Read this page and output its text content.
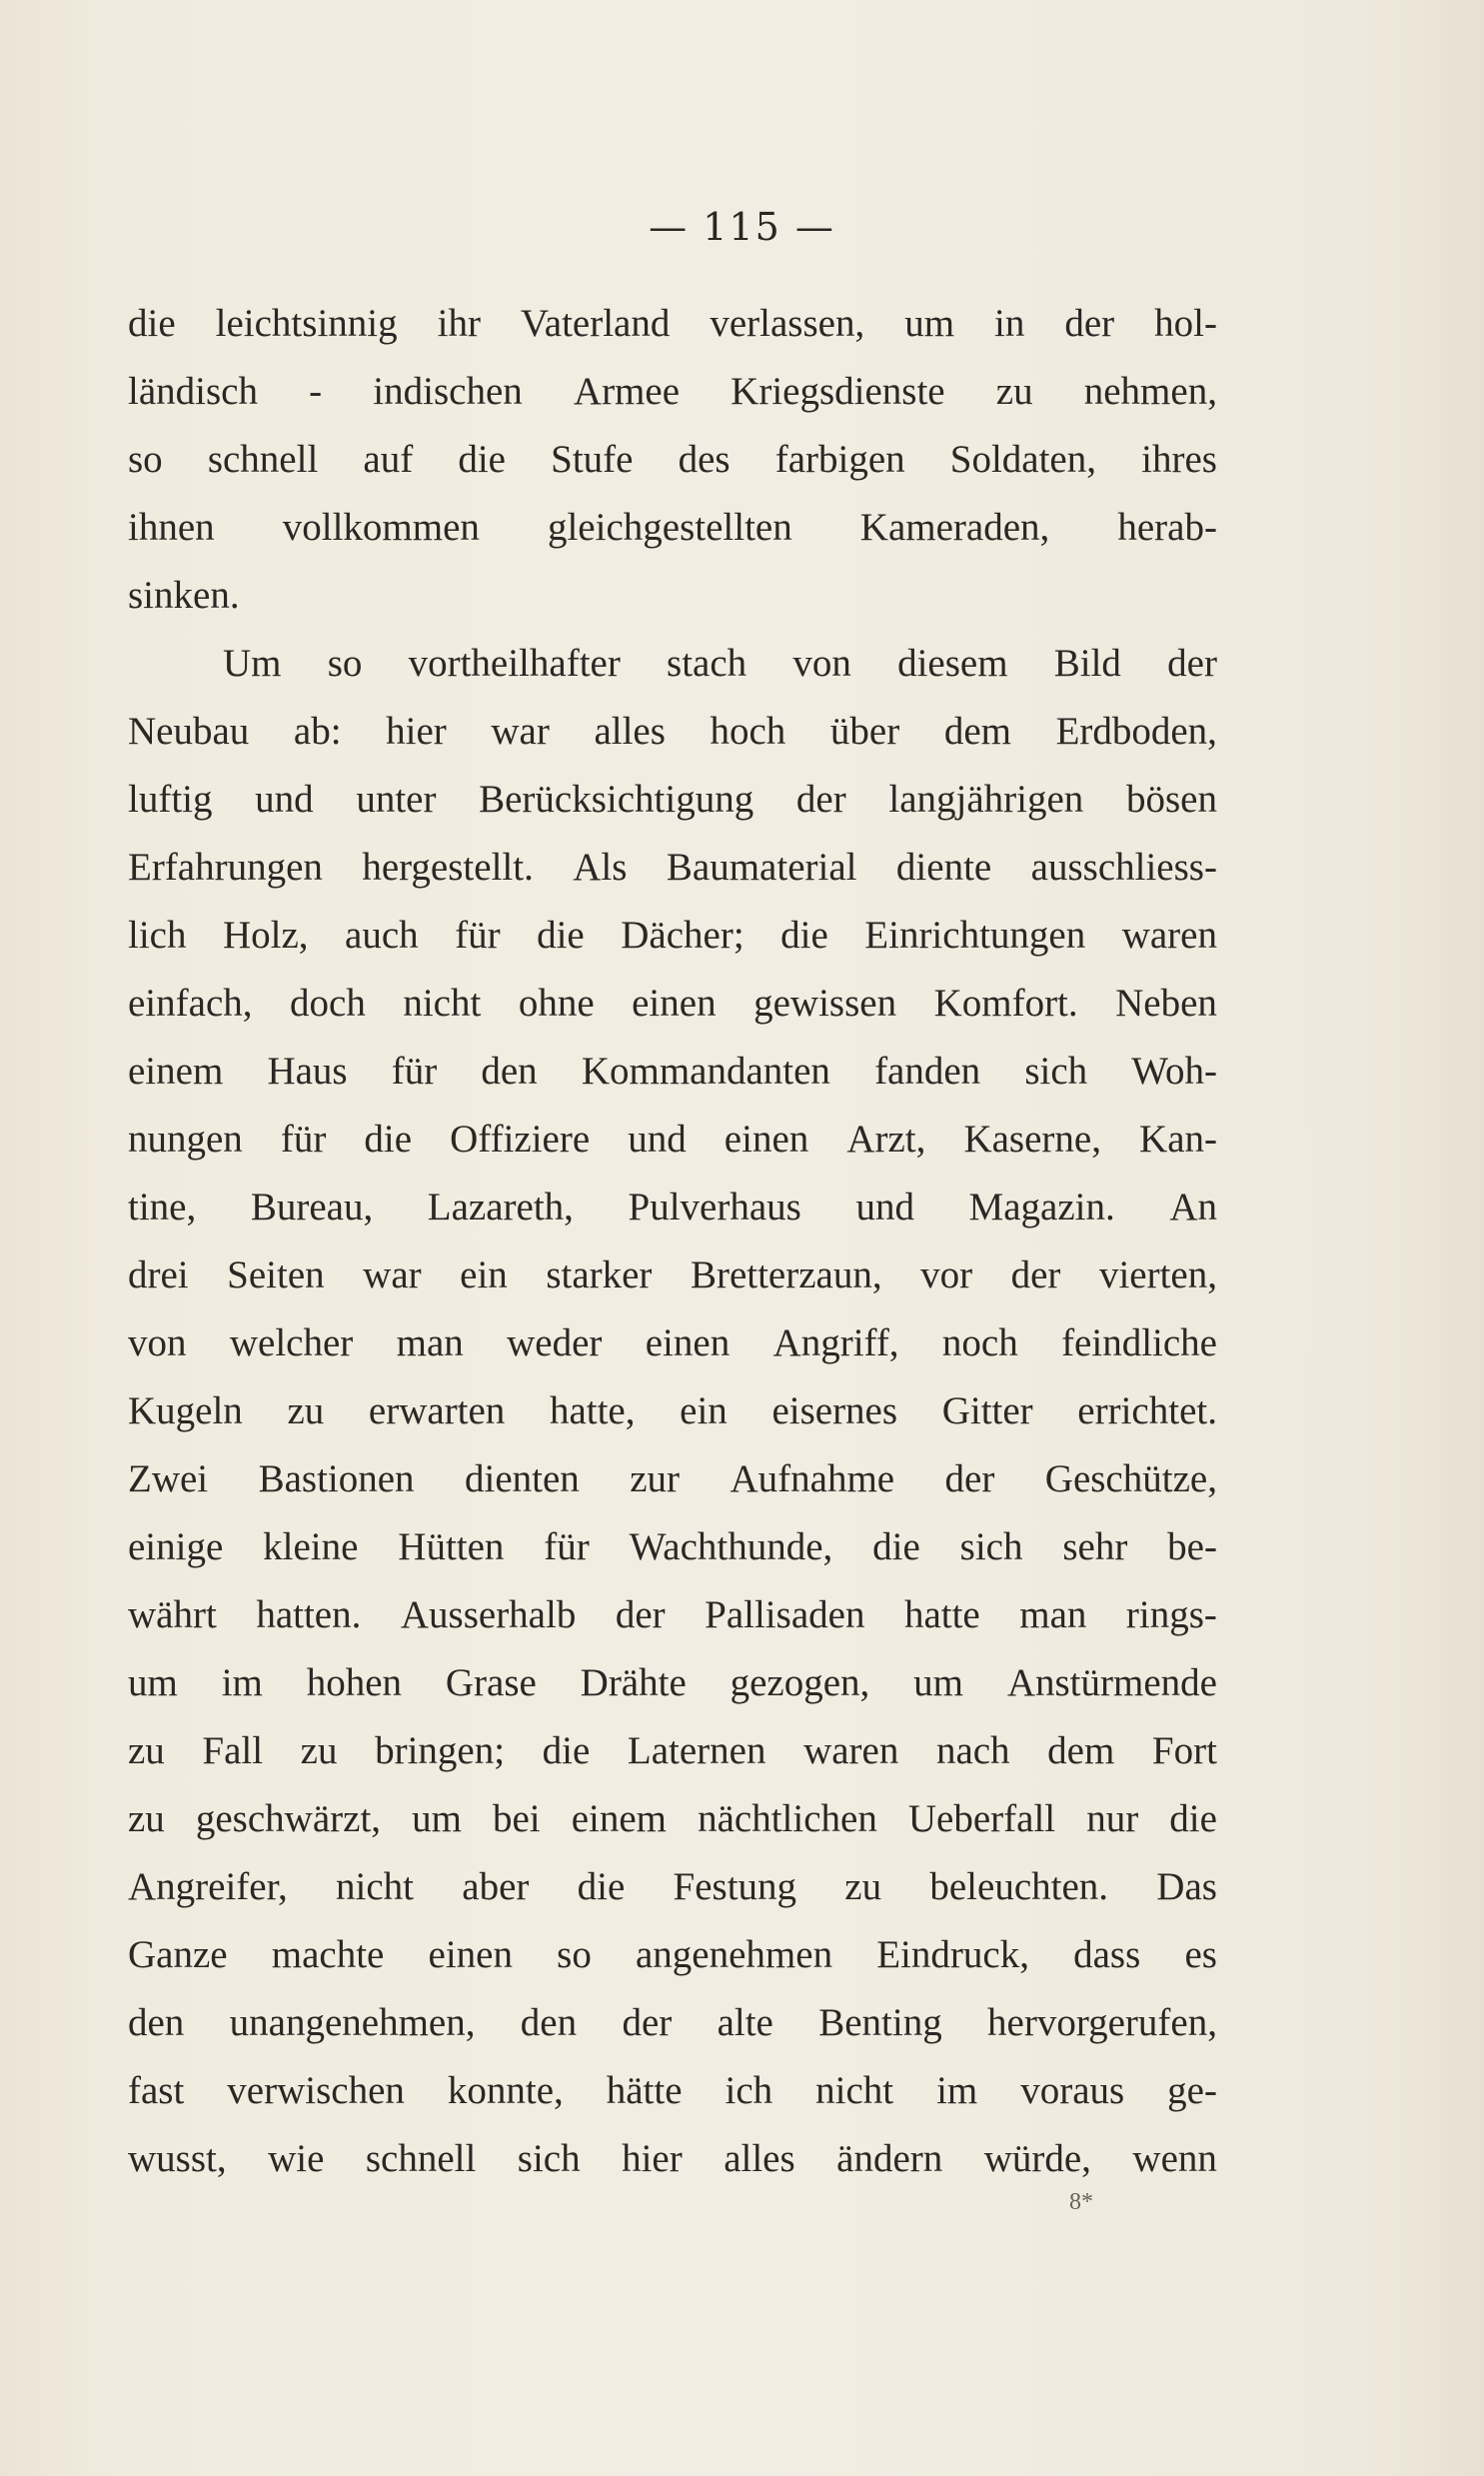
— 115 —
die leichtsinnig ihr Vaterland verlassen, um in der hol-
ländisch - indischen Armee Kriegsdienste zu nehmen,
so schnell auf die Stufe des farbigen Soldaten, ihres
ihnen vollkommen gleichgestellten Kameraden, herab-
sinken.
Um so vortheilhafter stach von diesem Bild der
Neubau ab: hier war alles hoch über dem Erdboden,
luftig und unter Berücksichtigung der langjährigen bösen
Erfahrungen hergestellt. Als Baumaterial diente ausschliess-
lich Holz, auch für die Dächer; die Einrichtungen waren
einfach, doch nicht ohne einen gewissen Komfort. Neben
einem Haus für den Kommandanten fanden sich Woh-
nungen für die Offiziere und einen Arzt, Kaserne, Kan-
tine, Bureau, Lazareth, Pulverhaus und Magazin. An
drei Seiten war ein starker Bretterzaun, vor der vierten,
von welcher man weder einen Angriff, noch feindliche
Kugeln zu erwarten hatte, ein eisernes Gitter errichtet.
Zwei Bastionen dienten zur Aufnahme der Geschütze,
einige kleine Hütten für Wachthunde, die sich sehr be-
währt hatten. Ausserhalb der Pallisaden hatte man rings-
um im hohen Grase Drähte gezogen, um Anstürmende
zu Fall zu bringen; die Laternen waren nach dem Fort
zu geschwärzt, um bei einem nächtlichen Ueberfall nur die
Angreifer, nicht aber die Festung zu beleuchten. Das
Ganze machte einen so angenehmen Eindruck, dass es
den unangenehmen, den der alte Benting hervorgerufen,
fast verwischen konnte, hätte ich nicht im voraus ge-
wusst, wie schnell sich hier alles ändern würde, wenn
8*
